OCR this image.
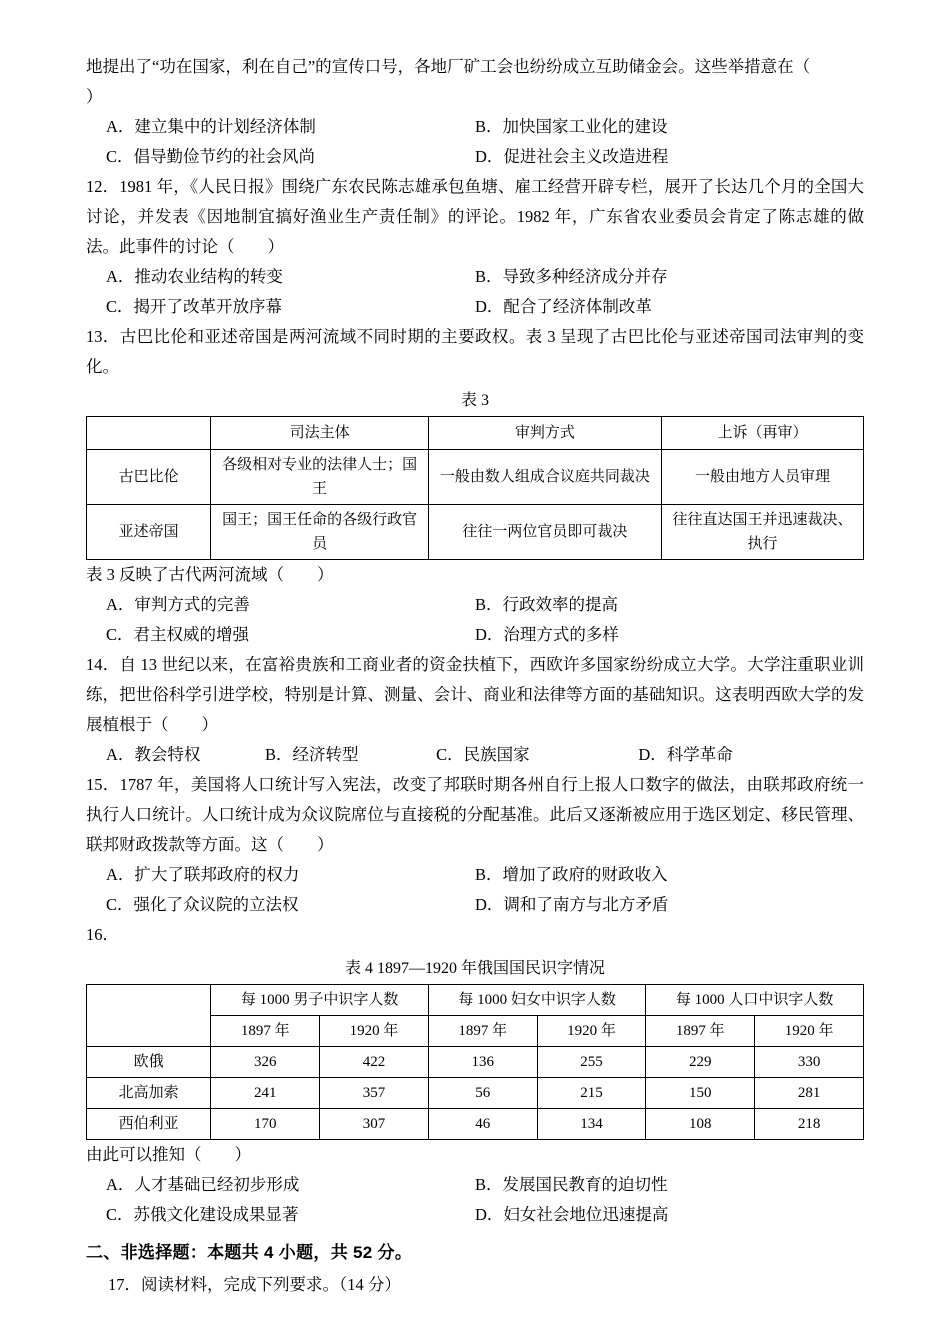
地提出了“功在国家，利在自己”的宣传口号，各地厂矿工会也纷纷成立互助储金会。这些举措意在（

）

A．建立集中的计划经济体制	B．加快国家工业化的建设
C．倡导勤俭节约的社会风尚	D．促进社会主义改造进程

12．1981 年，《人民日报》围绕广东农民陈志雄承包鱼塘、雇工经营开辟专栏，展开了长达几个月的全国大讨论，并发表《因地制宜搞好渔业生产责任制》的评论。1982 年，广东省农业委员会肯定了陈志雄的做法。此事件的讨论（　　）

A．推动农业结构的转变	B．导致多种经济成分并存
C．揭开了改革开放序幕	D．配合了经济体制改革

13．古巴比伦和亚述帝国是两河流域不同时期的主要政权。表 3 呈现了古巴比伦与亚述帝国司法审判的变化。

表 3
	司法主体	审判方式	上诉（再审）
古巴比伦	各级相对专业的法律人士；国王	一般由数人组成合议庭共同裁决	一般由地方人员审理
亚述帝国	国王；国王任命的各级行政官员	往往一两位官员即可裁决	往往直达国王并迅速裁决、执行

表 3 反映了古代两河流域（　　）

A．审判方式的完善	B．行政效率的提高
C．君主权威的增强	D．治理方式的多样

14．自 13 世纪以来，在富裕贵族和工商业者的资金扶植下，西欧许多国家纷纷成立大学。大学注重职业训练，把世俗科学引进学校，特别是计算、测量、会计、商业和法律等方面的基础知识。这表明西欧大学的发展植根于（　　）

A．教会特权	B．经济转型	C．民族国家	D．科学革命

15．1787 年，美国将人口统计写入宪法，改变了邦联时期各州自行上报人口数字的做法，由联邦政府统一执行人口统计。人口统计成为众议院席位与直接税的分配基准。此后又逐渐被应用于选区划定、移民管理、联邦财政拨款等方面。这（　　）

A．扩大了联邦政府的权力	B．增加了政府的财政收入
C．强化了众议院的立法权	D．调和了南方与北方矛盾

16．

表 4 1897—1920 年俄国国民识字情况
	每 1000 男子中识字人数		每 1000 妇女中识字人数		每 1000 人口中识字人数	
	1897 年	1920 年	1897 年	1920 年	1897 年	1920 年
欧俄	326	422	136	255	229	330
北高加索	241	357	56	215	150	281
西伯利亚	170	307	46	134	108	218

由此可以推知（　　）

A．人才基础已经初步形成	B．发展国民教育的迫切性
C．苏俄文化建设成果显著	D．妇女社会地位迅速提高
二、非选择题：本题共 4 小题，共 52 分。

17．阅读材料，完成下列要求。（14 分）
